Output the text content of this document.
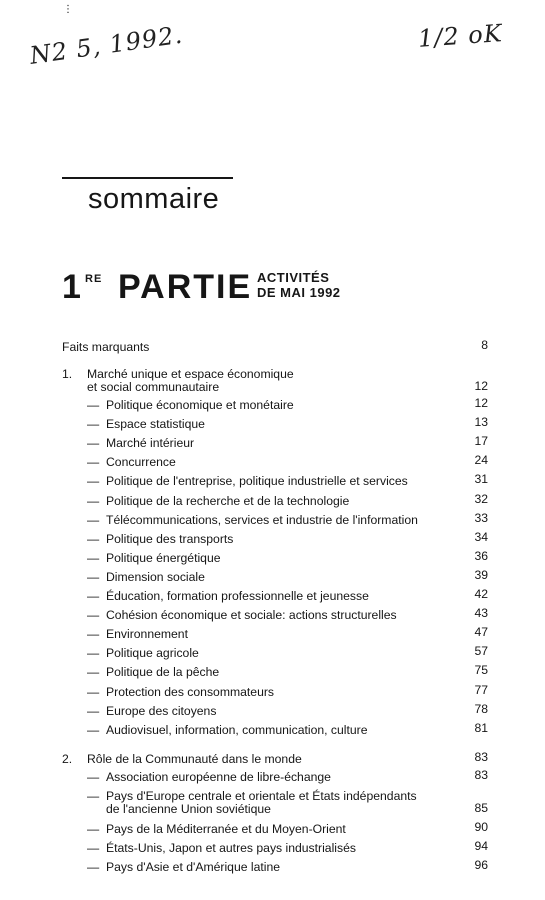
⋮
N2 5, 1992.	1/2 oK
sommaire
1 RE PARTIE ACTIVITÉS
DE MAI 1992
Faits marquants	8
1. Marché unique et espace économique
et social communautaire	12
— Politique économique et monétaire	12
— Espace statistique	13
— Marché intérieur	17
— Concurrence	24
— Politique de l'entreprise, politique industrielle et services	31
— Politique de la recherche et de la technologie	32
— Télécommunications, services et industrie de l'information	33
— Politique des transports	34
— Politique énergétique	36
— Dimension sociale	39
— Éducation, formation professionnelle et jeunesse	42
— Cohésion économique et sociale: actions structurelles	43
— Environnement	47
— Politique agricole	57
— Politique de la pêche	75
— Protection des consommateurs	77
— Europe des citoyens	78
— Audiovisuel, information, communication, culture	81
2. Rôle de la Communauté dans le monde	83
— Association européenne de libre-échange	83
— Pays d'Europe centrale et orientale et États indépendants
de l'ancienne Union soviétique	85
— Pays de la Méditerranée et du Moyen-Orient	90
— États-Unis, Japon et autres pays industrialisés	94
— Pays d'Asie et d'Amérique latine	96
